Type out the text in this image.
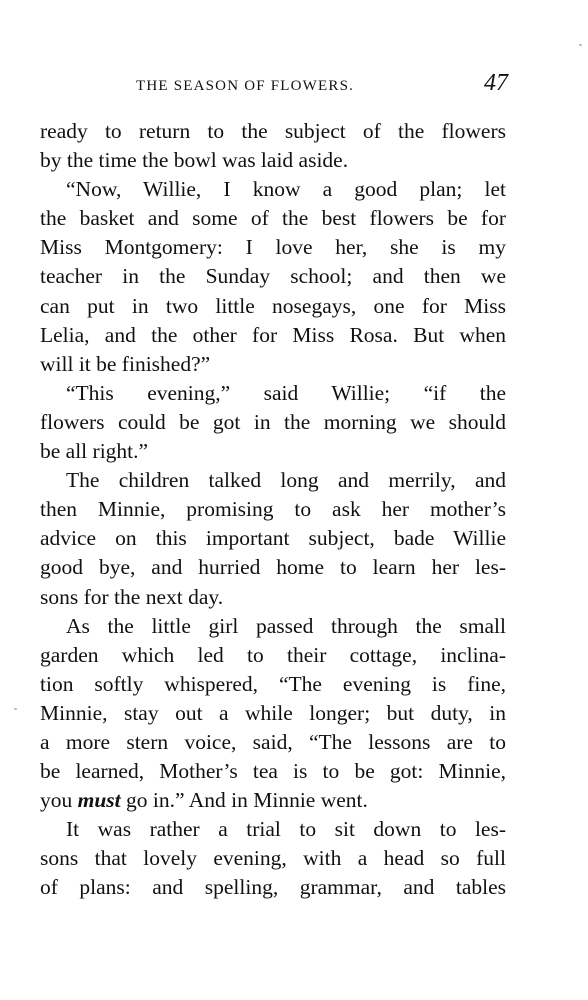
THE SEASON OF FLOWERS.	47
ready to return to the subject of the flowers
by the time the bowl was laid aside.
“Now, Willie, I know a good plan; let
the basket and some of the best flowers be for
Miss Montgomery: I love her, she is my
teacher in the Sunday school; and then we
can put in two little nosegays, one for Miss
Lelia, and the other for Miss Rosa. But when
will it be finished?”
“This evening,” said Willie; “if the
flowers could be got in the morning we should
be all right.”
The children talked long and merrily, and
then Minnie, promising to ask her mother’s
advice on this important subject, bade Willie
good bye, and hurried home to learn her les-
sons for the next day.
As the little girl passed through the small
garden which led to their cottage, inclina-
tion softly whispered, “The evening is fine,
Minnie, stay out a while longer; but duty, in
a more stern voice, said, “The lessons are to
be learned, Mother’s tea is to be got: Minnie,
you must go in.” And in Minnie went.
It was rather a trial to sit down to les-
sons that lovely evening, with a head so full
of plans: and spelling, grammar, and tables
